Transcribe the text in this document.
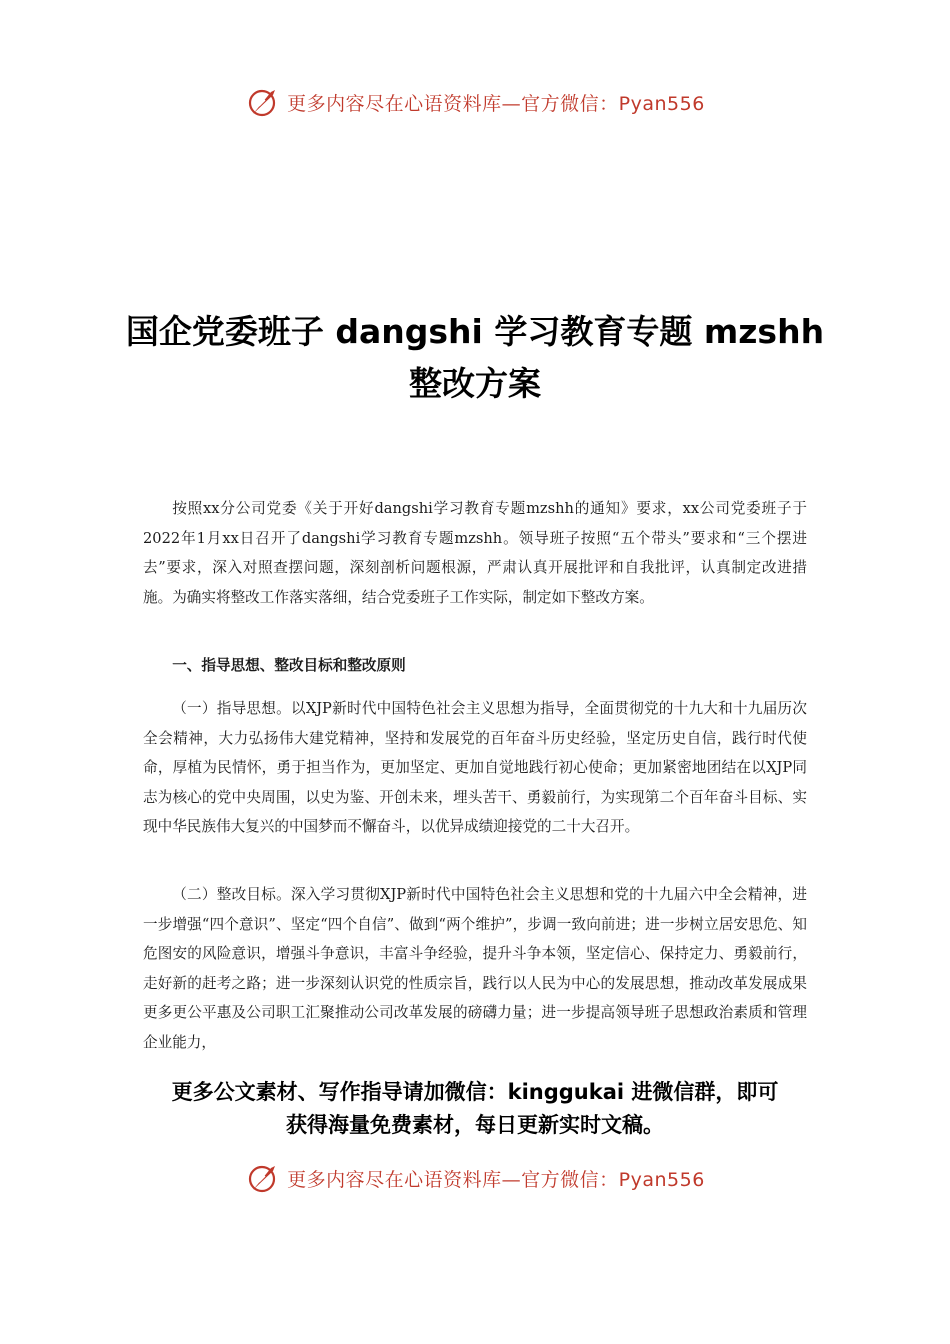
更多内容尽在心语资料库—官方微信：Pyan556
国企党委班子 dangshi 学习教育专题 mzshh
整改方案

按照xx分公司党委《关于开好dangshi学习教育专题mzshh的通知》要求，xx公司党委班子于2022年1月xx日召开了dangshi学习教育专题mzshh。领导班子按照“五个带头”要求和“三个摆进去”要求，深入对照查摆问题，深刻剖析问题根源，严肃认真开展批评和自我批评，认真制定改进措施。为确实将整改工作落实落细，结合党委班子工作实际，制定如下整改方案。

一、指导思想、整改目标和整改原则

（一）指导思想。以XJP新时代中国特色社会主义思想为指导，全面贯彻党的十九大和十九届历次全会精神，大力弘扬伟大建党精神，坚持和发展党的百年奋斗历史经验，坚定历史自信，践行时代使命，厚植为民情怀，勇于担当作为，更加坚定、更加自觉地践行初心使命；更加紧密地团结在以XJP同志为核心的党中央周围，以史为鉴、开创未来，埋头苦干、勇毅前行，为实现第二个百年奋斗目标、实现中华民族伟大复兴的中国梦而不懈奋斗，以优异成绩迎接党的二十大召开。

（二）整改目标。深入学习贯彻XJP新时代中国特色社会主义思想和党的十九届六中全会精神，进一步增强“四个意识”、坚定“四个自信”、做到“两个维护”，步调一致向前进；进一步树立居安思危、知危图安的风险意识，增强斗争意识，丰富斗争经验，提升斗争本领，坚定信心、保持定力、勇毅前行，走好新的赶考之路；进一步深刻认识党的性质宗旨，践行以人民为中心的发展思想，推动改革发展成果更多更公平惠及公司职工汇聚推动公司改革发展的磅礴力量；进一步提高领导班子思想政治素质和管理企业能力，

更多公文素材、写作指导请加微信：kinggukai 进微信群，即可
获得海量免费素材，每日更新实时文稿。
更多内容尽在心语资料库—官方微信：Pyan556
